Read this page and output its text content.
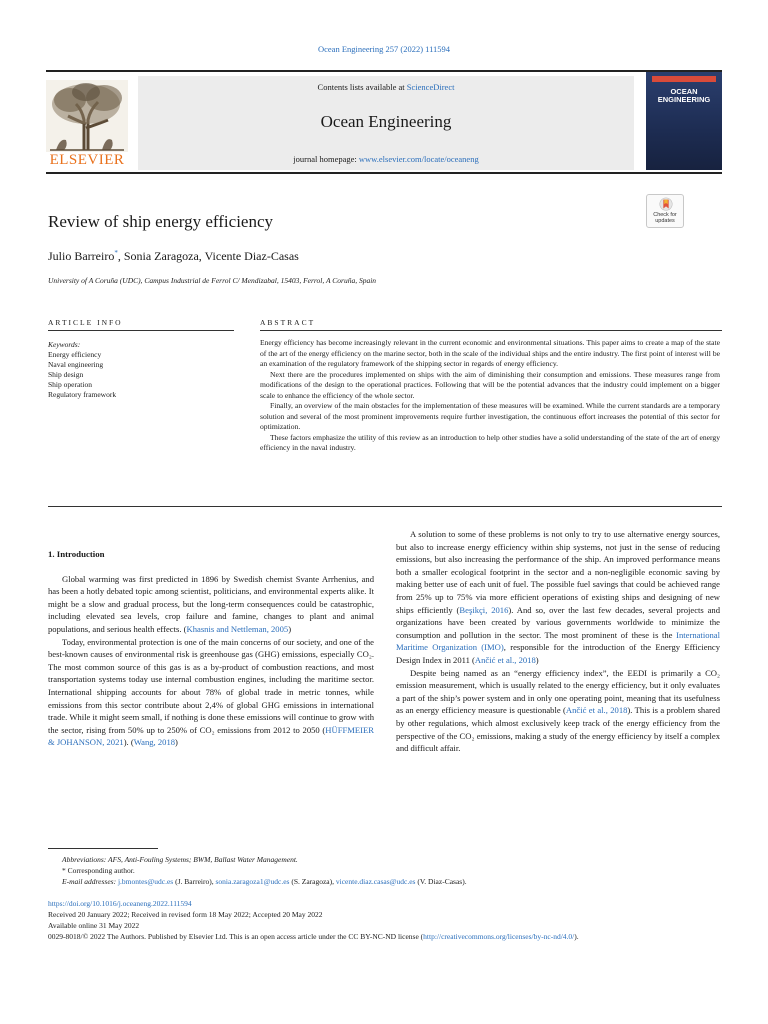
Ocean Engineering 257 (2022) 111594
ELSEVIER
Contents lists available at ScienceDirect
Ocean Engineering
journal homepage: www.elsevier.com/locate/oceaneng
OCEAN
ENGINEERING
Review of ship energy efficiency	Check for updates
Julio Barreiro*, Sonia Zaragoza, Vicente Diaz-Casas
University of A Coruña (UDC), Campus Industrial de Ferrol C/ Mendizabal, 15403, Ferrol, A Coruña, Spain
ARTICLE INFO	ABSTRACT
Keywords:
Energy efficiency
Naval engineering
Ship design
Ship operation
Regulatory framework

Energy efficiency has become increasingly relevant in the current economic and environmental situations. This paper aims to create a map of the state of the art of the energy efficiency on the marine sector, both in the scale of the individual ships and the entire industry. The first point of interest will be an examination of the regulatory framework of the shipping sector in regards of energy efficiency.

Next there are the procedures implemented on ships with the aim of diminishing their consumption and emissions. These measures range from modifications of the design to the operational practices. Following that will be the potential advances that the industry could implement on a bigger scale to enhance the efficiency of the whole sector.

Finally, an overview of the main obstacles for the implementation of these measures will be examined. While the current standards are a temporary solution and several of the most prominent improvements require further investigation, the continuous effort increases the potential of this sector for optimization.

These factors emphasize the utility of this review as an introduction to help other studies have a solid understanding of the state of the art of energy efficiency in the naval industry.

1. Introduction

Global warming was first predicted in 1896 by Swedish chemist Svante Arrhenius, and has been a hotly debated topic among scientist, politicians, and environmental experts alike. It might be a slow and gradual process, but the long-term consequences could be catastrophic, including elevated sea levels, crop failure and famine, changes to plant and animal populations, and serious health effects. (Khasnis and Nettleman, 2005)

Today, environmental protection is one of the main concerns of our society, and one of the best-known causes of environmental risk is greenhouse gas (GHG) emissions, especially CO₂. The most common source of this gas is as a by-product of combustion reactions, and most transportation systems today use internal combustion engines, including the maritime sector. International shipping accounts for about 78% of global trade in metric tonnes, while emissions from this sector contribute about 2,4% of global GHG emissions in international trade. While it might seem small, if nothing is done these emissions will continue to grow with the sector, rising from 50% up to 250% of CO₂ emissions from 2012 to 2050 (HÜFFMEIER & JOHANSON, 2021). (Wang, 2018)

A solution to some of these problems is not only to try to use alternative energy sources, but also to increase energy efficiency within ship systems, not just in the sense of reducing emissions, but also increasing the performance of the ship. An improved performance means both a smaller ecological footprint in the sector and a non-negligible economic saving by making better use of each unit of fuel. The possible fuel savings that could be achieved range from 25% up to 75% via more efficient operations of existing ships and designing of new ships efficiently (Beşikçi, 2016). And so, over the last few decades, several projects and organizations have been created by various governments worldwide to minimize the consumption and pollution in the sector. The most prominent of these is the International Maritime Organization (IMO), responsible for the introduction of the Energy Efficiency Design Index in 2011 (Ančić et al., 2018)

Despite being named as an “energy efficiency index”, the EEDI is primarily a CO₂ emission measurement, which is usually related to the energy efficiency, but it only evaluates a part of the ship’s power system and in only one operating point, meaning that its usefulness as an energy efficiency measure is questionable (Ančić et al., 2018). This is a problem shared by other regulations, which almost exclusively keep track of the energy efficiency from the perspective of the CO₂ emissions, making a study of the energy efficiency by itself a complex and difficult affair.

Abbreviations: AFS, Anti-Fouling Systems; BWM, Ballast Water Management.
* Corresponding author.
E-mail addresses: j.bmontes@udc.es (J. Barreiro), sonia.zaragoza1@udc.es (S. Zaragoza), vicente.diaz.casas@udc.es (V. Diaz-Casas).
https://doi.org/10.1016/j.oceaneng.2022.111594
Received 20 January 2022; Received in revised form 18 May 2022; Accepted 20 May 2022
Available online 31 May 2022
0029-8018/© 2022 The Authors. Published by Elsevier Ltd. This is an open access article under the CC BY-NC-ND license (http://creativecommons.org/licenses/by-nc-nd/4.0/).
